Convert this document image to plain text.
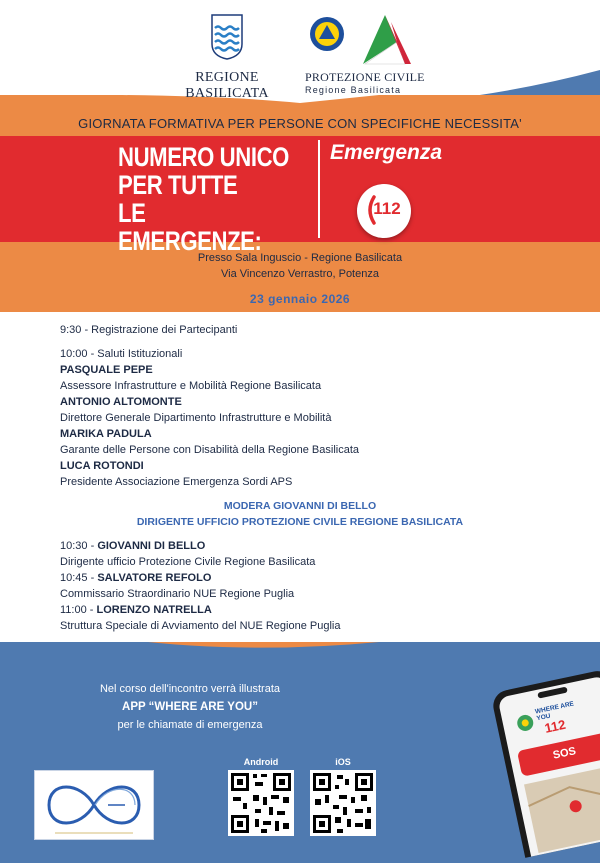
REGIONE BASILICATA
PROTEZIONE CIVILE
Regione Basilicata
GIORNATA FORMATIVA PER PERSONE CON SPECIFICHE NECESSITA'
NUMERO UNICO
PER TUTTE
LE EMERGENZE:
Emergenza
112
Presso Sala Inguscio - Regione Basilicata
Via Vincenzo Verrastro, Potenza
23 gennaio 2026

9:30 - Registrazione dei Partecipanti

10:00 - Saluti Istituzionali

PASQUALE PEPE

Assessore Infrastrutture e Mobilità Regione Basilicata

ANTONIO ALTOMONTE

Direttore Generale Dipartimento Infrastrutture e Mobilità

MARIKA PADULA

Garante delle Persone con Disabilità della Regione Basilicata

LUCA ROTONDI

Presidente Associazione Emergenza Sordi APS

MODERA GIOVANNI DI BELLO

DIRIGENTE UFFICIO PROTEZIONE CIVILE REGIONE BASILICATA

10:30 - GIOVANNI DI BELLO

Dirigente ufficio Protezione Civile Regione Basilicata

10:45 - SALVATORE REFOLO

Commissario Straordinario NUE Regione Puglia

11:00 - LORENZO NATRELLA

Struttura Speciale di Avviamento del NUE Regione Puglia

Nel corso dell'incontro verrà illustrata
APP “WHERE ARE YOU”
per le chiamate di emergenza
Android	iOS
WHERE ARE YOU
112
SOS
